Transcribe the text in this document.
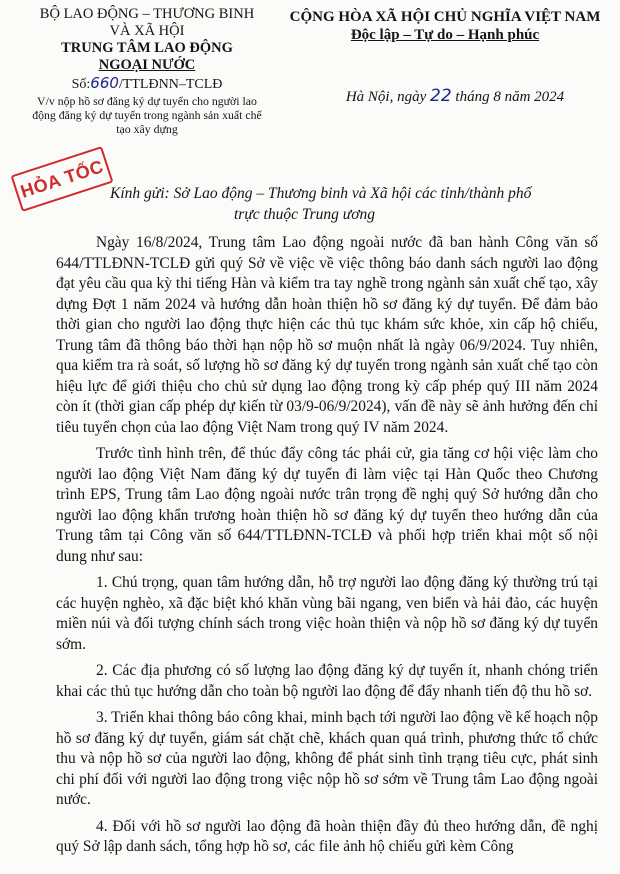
BỘ LAO ĐỘNG – THƯƠNG BINH
VÀ XÃ HỘI
TRUNG TÂM LAO ĐỘNG
NGOẠI NƯỚC
Số:660/TTLĐNN–TCLĐ
V/v nộp hồ sơ đăng ký dự tuyển cho người lao
động đăng ký dự tuyển trong ngành sản xuất chế
tạo xây dựng
CỘNG HÒA XÃ HỘI CHỦ NGHĨA VIỆT NAM
Độc lập – Tự do – Hạnh phúc
Hà Nội, ngày 22 tháng 8 năm 2024
HỎA TỐC Kính gửi: Sở Lao động – Thương binh và Xã hội các tỉnh/thành phố
trực thuộc Trung ương

Ngày 16/8/2024, Trung tâm Lao động ngoài nước đã ban hành Công văn số 644/TTLĐNN-TCLĐ gửi quý Sở về việc về việc thông báo danh sách người lao động đạt yêu cầu qua kỳ thi tiếng Hàn và kiểm tra tay nghề trong ngành sản xuất chế tạo, xây dựng Đợt 1 năm 2024 và hướng dẫn hoàn thiện hồ sơ đăng ký dự tuyển. Để đảm bảo thời gian cho người lao động thực hiện các thủ tục khám sức khỏe, xin cấp hộ chiếu, Trung tâm đã thông báo thời hạn nộp hồ sơ muộn nhất là ngày 06/9/2024. Tuy nhiên, qua kiểm tra rà soát, số lượng hồ sơ đăng ký dự tuyển trong ngành sản xuất chế tạo còn hiệu lực để giới thiệu cho chủ sử dụng lao động trong kỳ cấp phép quý III năm 2024 còn ít (thời gian cấp phép dự kiến từ 03/9-06/9/2024), vấn đề này sẽ ảnh hưởng đến chỉ tiêu tuyển chọn của lao động Việt Nam trong quý IV năm 2024.

Trước tình hình trên, để thúc đẩy công tác phái cử, gia tăng cơ hội việc làm cho người lao động Việt Nam đăng ký dự tuyển đi làm việc tại Hàn Quốc theo Chương trình EPS, Trung tâm Lao động ngoài nước trân trọng đề nghị quý Sở hướng dẫn cho người lao động khẩn trương hoàn thiện hồ sơ đăng ký dự tuyển theo hướng dẫn của Trung tâm tại Công văn số 644/TTLĐNN-TCLĐ và phối hợp triển khai một số nội dung như sau:

1. Chú trọng, quan tâm hướng dẫn, hỗ trợ người lao động đăng ký thường trú tại các huyện nghèo, xã đặc biệt khó khăn vùng bãi ngang, ven biển và hải đảo, các huyện miền núi và đối tượng chính sách trong việc hoàn thiện và nộp hồ sơ đăng ký dự tuyển sớm.

2. Các địa phương có số lượng lao động đăng ký dự tuyển ít, nhanh chóng triển khai các thủ tục hướng dẫn cho toàn bộ người lao động để đẩy nhanh tiến độ thu hồ sơ.

3. Triển khai thông báo công khai, minh bạch tới người lao động về kế hoạch nộp hồ sơ đăng ký dự tuyển, giám sát chặt chẽ, khách quan quá trình, phương thức tổ chức thu và nộp hồ sơ của người lao động, không để phát sinh tình trạng tiêu cực, phát sinh chi phí đối với người lao động trong việc nộp hồ sơ sớm về Trung tâm Lao động ngoài nước.

4. Đối với hồ sơ người lao động đã hoàn thiện đầy đủ theo hướng dẫn, đề nghị quý Sở lập danh sách, tổng hợp hồ sơ, các file ảnh hộ chiếu gửi kèm Công
